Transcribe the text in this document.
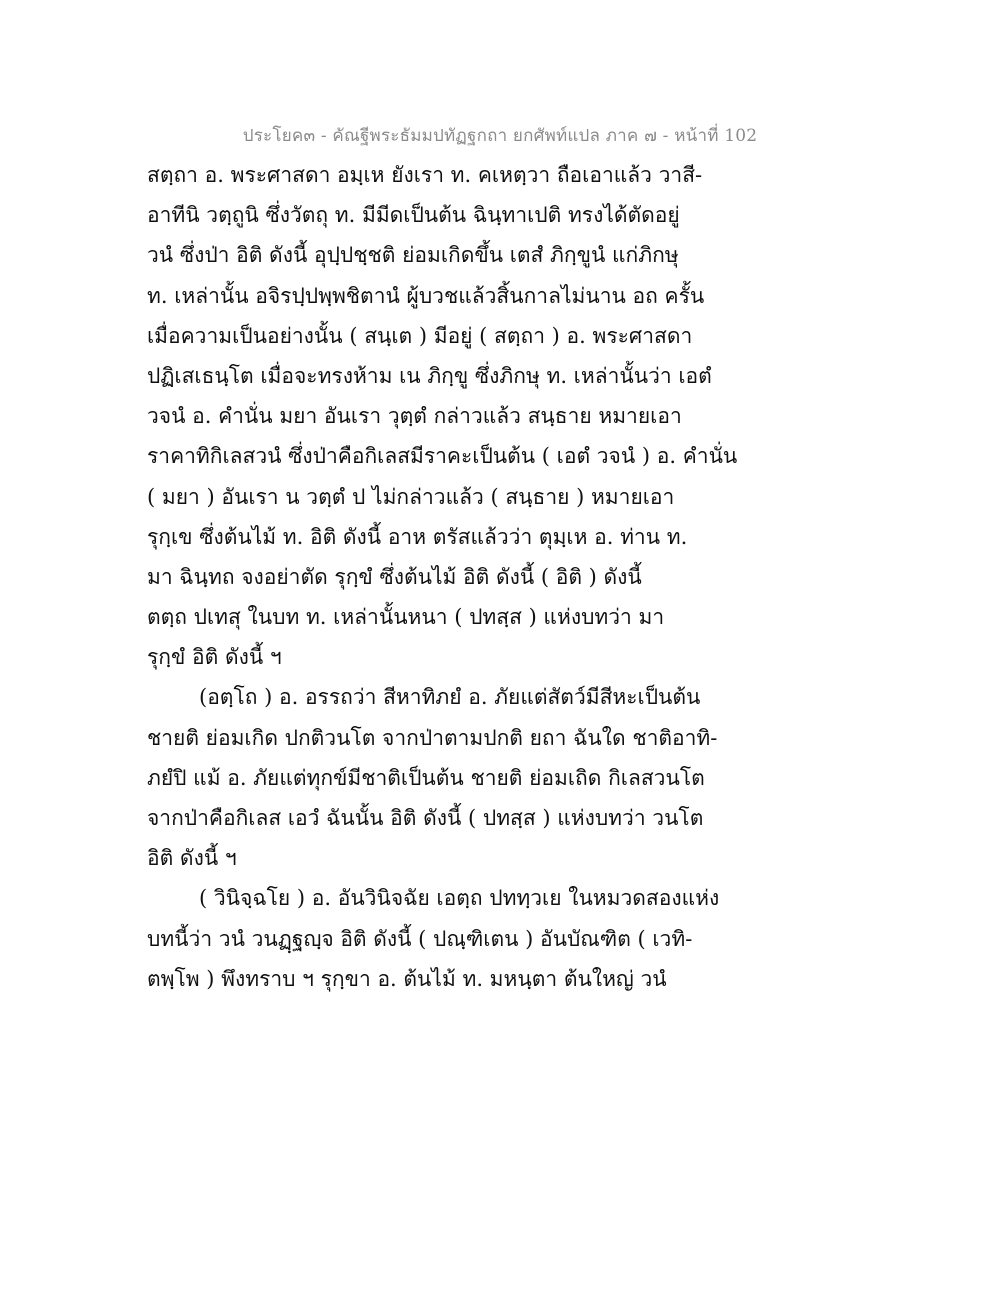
ประโยค๓ - คัณฐีพระธัมมปทัฏฐกถา ยกศัพท์แปล ภาค ๗ - หน้าที่ 102
สตฺถา อ. พระศาสดา อมฺเห ยังเรา ท. คเหตฺวา ถือเอาแล้ว วาสี-
อาทีนิ วตฺถูนิ ซึ่งวัตถุ ท. มีมีดเป็นต้น ฉินฺทาเปติ ทรงได้ตัดอยู่
วนํ ซึ่งป่า อิติ ดังนี้ อุปฺปชฺชติ ย่อมเกิดขึ้น เตสํ ภิกฺขูนํ แก่ภิกษุ
ท. เหล่านั้น อจิรปฺปพฺพชิตานํ ผู้บวชแล้วสิ้นกาลไม่นาน อถ ครั้น
เมื่อความเป็นอย่างนั้น ( สนฺเต ) มีอยู่ ( สตฺถา ) อ. พระศาสดา
ปฏิเสเธนฺโต เมื่อจะทรงห้าม เน ภิกฺขู ซึ่งภิกษุ ท. เหล่านั้นว่า เอตํ
วจนํ อ. คำนั่น มยา อันเรา วุตฺตํ กล่าวแล้ว สนฺธาย หมายเอา
ราคาทิกิเลสวนํ ซึ่งป่าคือกิเลสมีราคะเป็นต้น ( เอตํ วจนํ ) อ. คำนั่น
( มยา ) อันเรา น วตฺตํ ป ไม่กล่าวแล้ว ( สนฺธาย ) หมายเอา
รุกฺเข ซึ่งต้นไม้ ท. อิติ ดังนี้ อาห ตรัสแล้วว่า ตุมฺเห อ. ท่าน ท.
มา ฉินฺทถ จงอย่าตัด รุกฺขํ ซึ่งต้นไม้ อิติ ดังนี้ ( อิติ ) ดังนี้
ตตฺถ ปเทสุ ในบท ท. เหล่านั้นหนา ( ปทสฺส ) แห่งบทว่า มา
รุกฺขํ อิติ ดังนี้ ฯ
(อตฺโถ ) อ. อรรถว่า สีหาทิภยํ อ. ภัยแต่สัตว์มีสีหะเป็นต้น
ชายติ ย่อมเกิด ปกติวนโต จากป่าตามปกติ ยถา ฉันใด ชาติอาทิ-
ภยํปิ แม้ อ. ภัยแต่ทุกข์มีชาติเป็นต้น ชายติ ย่อมเถิด กิเลสวนโต
จากป่าคือกิเลส เอวํ ฉันนั้น อิติ ดังนี้ ( ปทสฺส ) แห่งบทว่า วนโต
อิติ ดังนี้ ฯ
( วินิจฺฉโย ) อ. อันวินิจฉัย เอตฺถ ปททฺวเย ในหมวดสองแห่ง
บทนี้ว่า วนํ วนฏฺฐญฺจ อิติ ดังนี้ ( ปณฺฑิเตน ) อันบัณฑิต ( เวทิ-
ตพฺโพ ) พึงทราบ ฯ รุกฺขา อ. ต้นไม้ ท. มหนฺตา ต้นใหญ่ วนํ
